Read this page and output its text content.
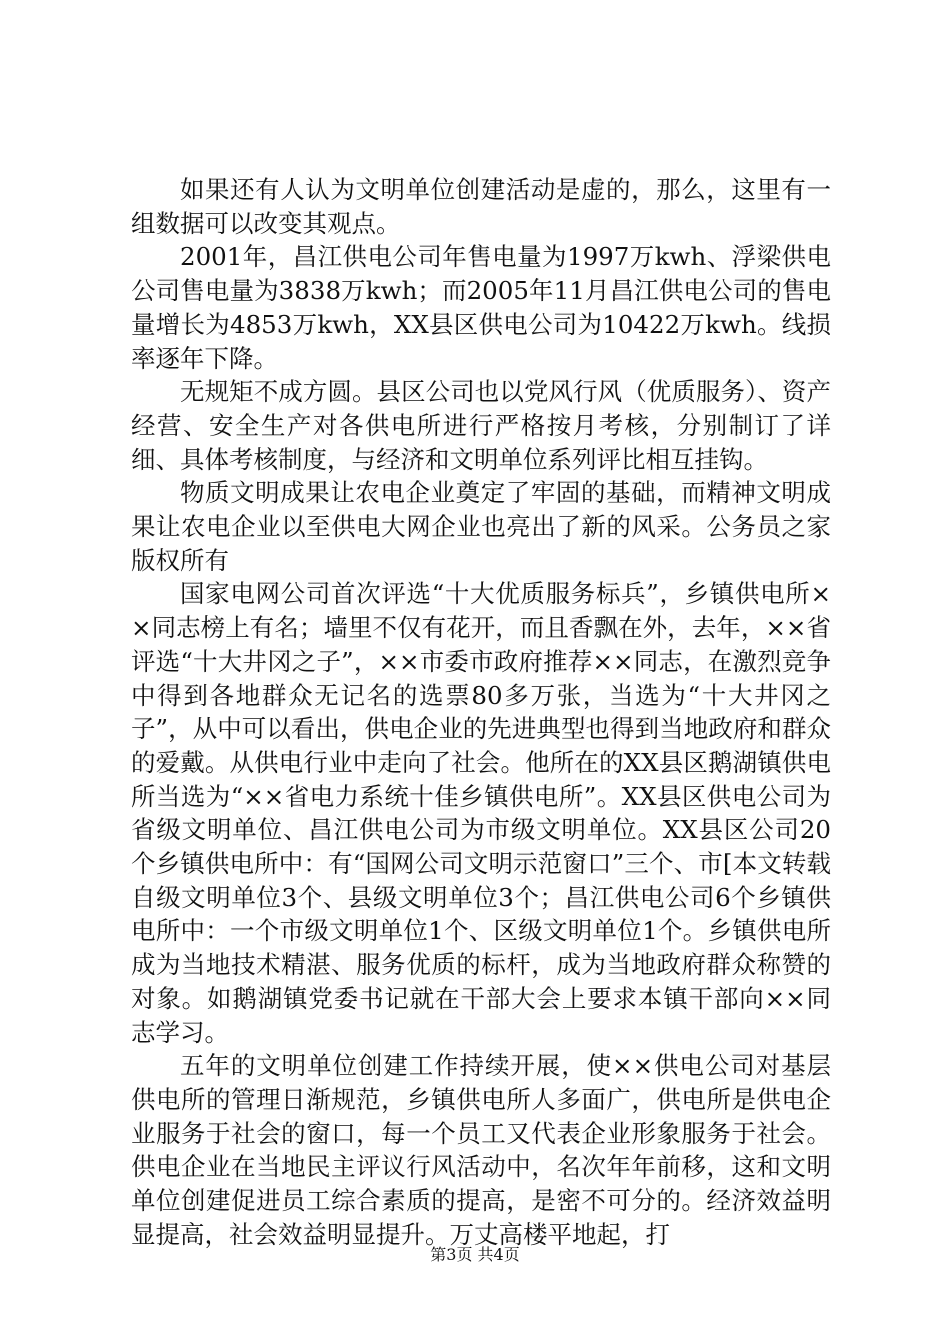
如果还有人认为文明单位创建活动是虚的，那么，这里有一组数据可以改变其观点。

2001年，昌江供电公司年售电量为1997万kwh、浮梁供电公司售电量为3838万kwh；而2005年11月昌江供电公司的售电量增长为4853万kwh，XX县区供电公司为10422万kwh。线损率逐年下降。

无规矩不成方圆。县区公司也以党风行风（优质服务）、资产经营、安全生产对各供电所进行严格按月考核，分别制订了详细、具体考核制度，与经济和文明单位系列评比相互挂钩。

物质文明成果让农电企业奠定了牢固的基础，而精神文明成果让农电企业以至供电大网企业也亮出了新的风采。公务员之家版权所有

国家电网公司首次评选“十大优质服务标兵”，乡镇供电所××同志榜上有名；墙里不仅有花开，而且香飘在外，去年，××省评选“十大井冈之子”，××市委市政府推荐××同志，在激烈竞争中得到各地群众无记名的选票80多万张，当选为“十大井冈之子”，从中可以看出，供电企业的先进典型也得到当地政府和群众的爱戴。从供电行业中走向了社会。他所在的XX县区鹅湖镇供电所当选为“××省电力系统十佳乡镇供电所”。XX县区供电公司为省级文明单位、昌江供电公司为市级文明单位。XX县区公司20个乡镇供电所中：有“国网公司文明示范窗口”三个、市[本文转载自级文明单位3个、县级文明单位3个；昌江供电公司6个乡镇供电所中：一个市级文明单位1个、区级文明单位1个。乡镇供电所成为当地技术精湛、服务优质的标杆，成为当地政府群众称赞的对象。如鹅湖镇党委书记就在干部大会上要求本镇干部向××同志学习。

五年的文明单位创建工作持续开展，使××供电公司对基层供电所的管理日渐规范，乡镇供电所人多面广，供电所是供电企业服务于社会的窗口，每一个员工又代表企业形象服务于社会。供电企业在当地民主评议行风活动中，名次年年前移，这和文明单位创建促进员工综合素质的提高，是密不可分的。经济效益明显提高，社会效益明显提升。万丈高楼平地起，打

第3页 共4页
